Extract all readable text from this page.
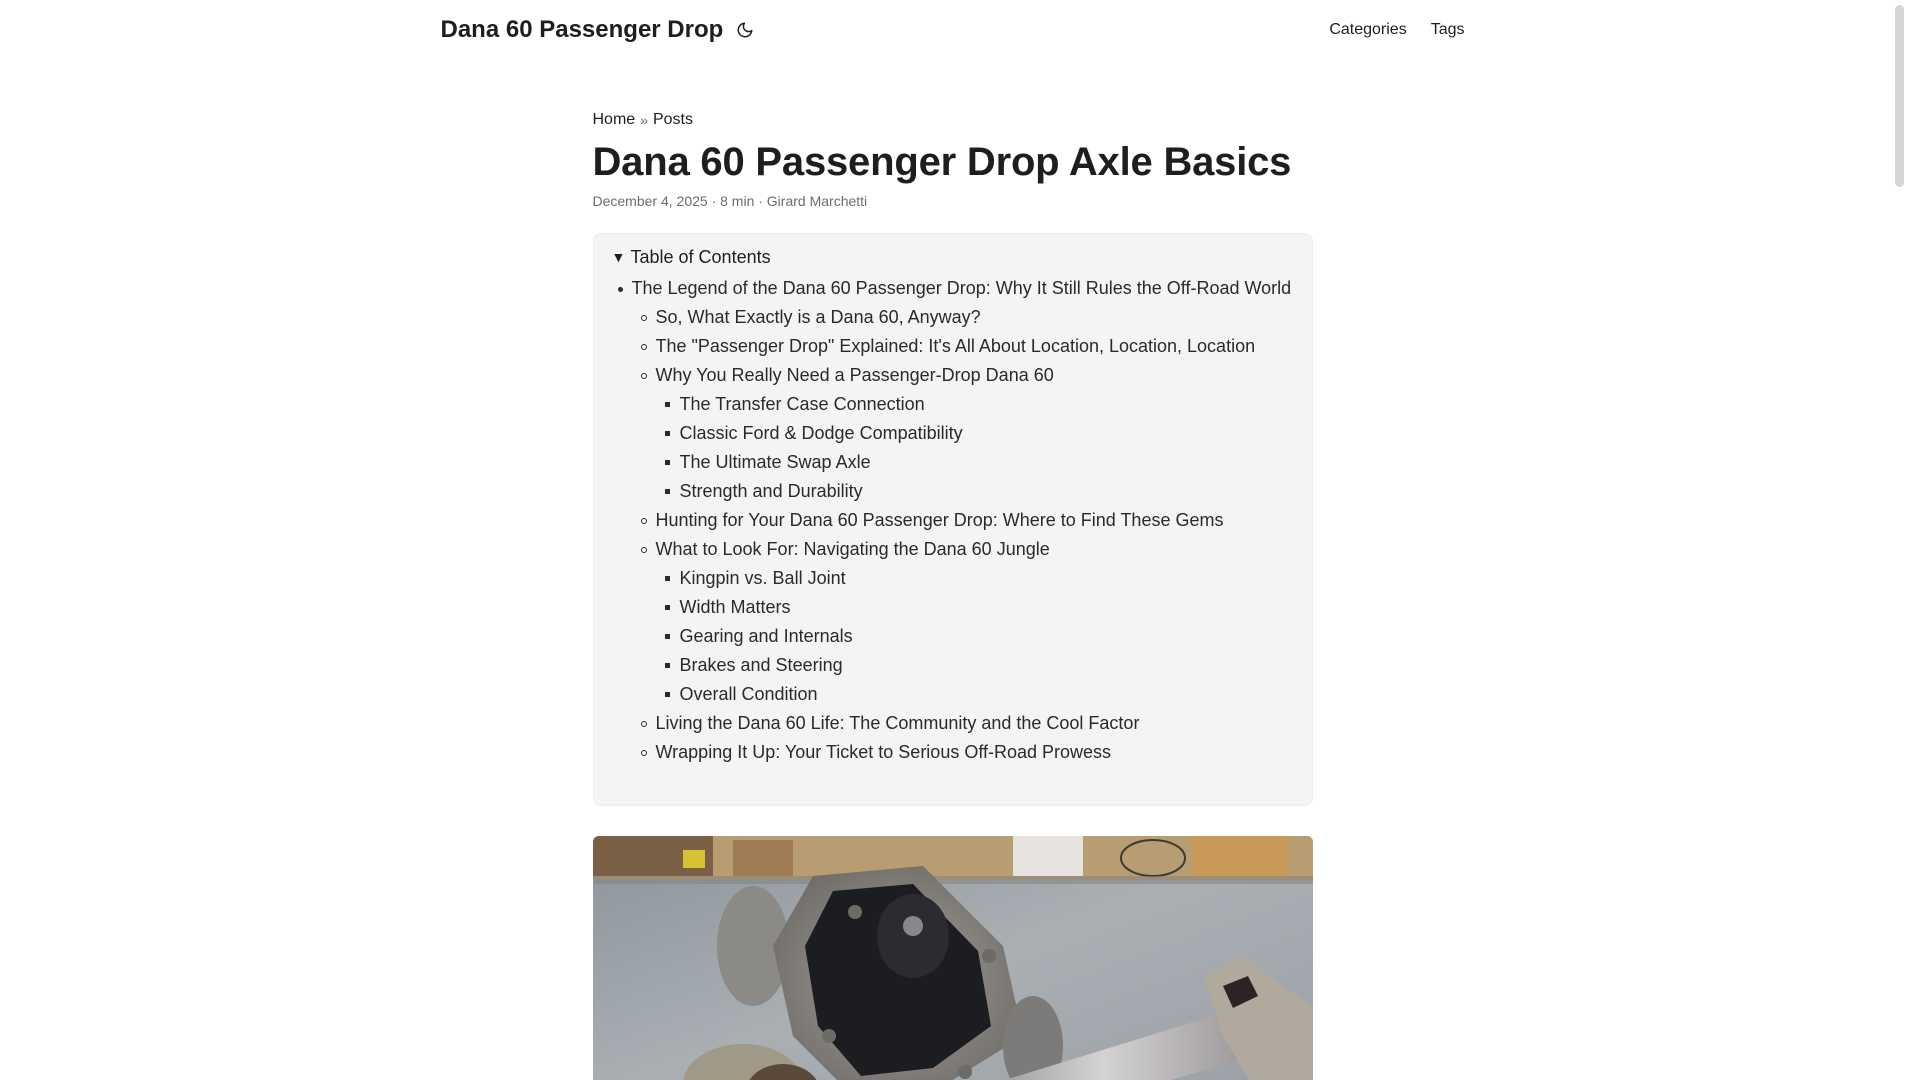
Dana 60 Passenger Drop	Categories Tags
Home » Posts
Dana 60 Passenger Drop Axle Basics
December 4, 2025 · 8 min · Girard Marchetti
▼ Table of Contents
The Legend of the Dana 60 Passenger Drop: Why It Still Rules the Off-Road World
So, What Exactly is a Dana 60, Anyway?
The "Passenger Drop" Explained: It's All About Location, Location, Location
Why You Really Need a Passenger-Drop Dana 60
The Transfer Case Connection
Classic Ford & Dodge Compatibility
The Ultimate Swap Axle
Strength and Durability
Hunting for Your Dana 60 Passenger Drop: Where to Find These Gems
What to Look For: Navigating the Dana 60 Jungle
Kingpin vs. Ball Joint
Width Matters
Gearing and Internals
Brakes and Steering
Overall Condition
Living the Dana 60 Life: The Community and the Cool Factor
Wrapping It Up: Your Ticket to Serious Off-Road Prowess
